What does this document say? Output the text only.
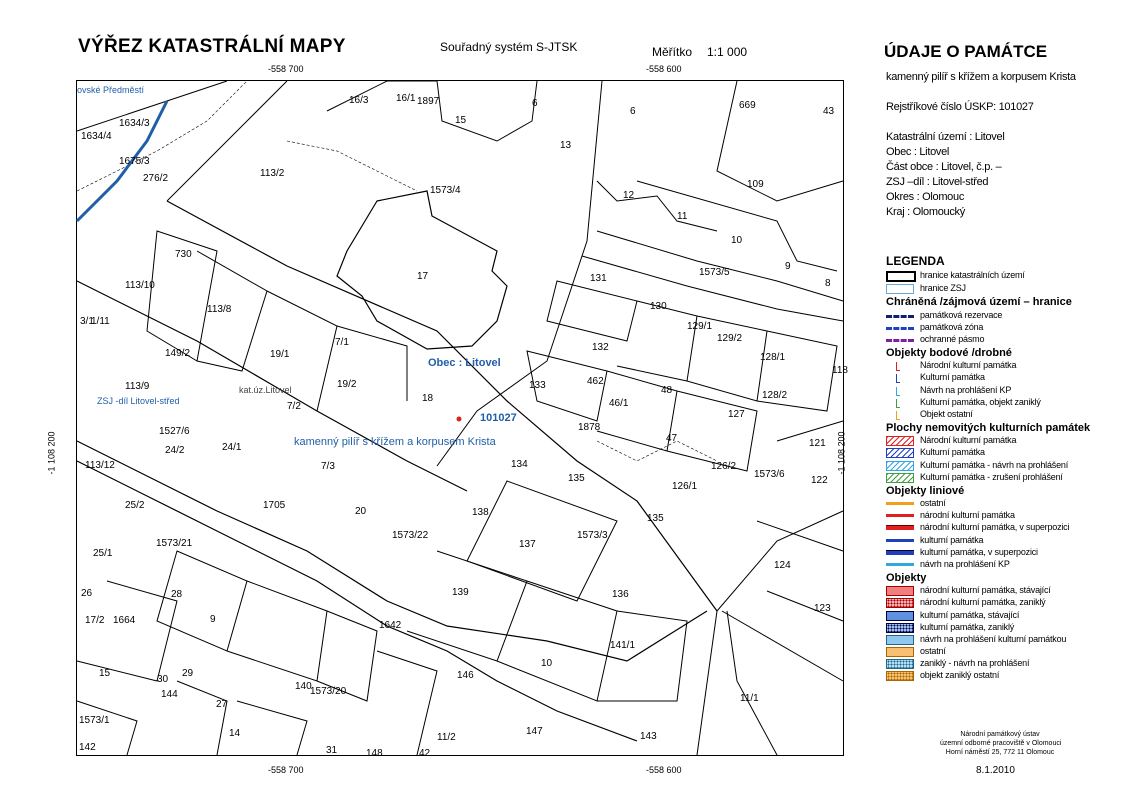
VÝŘEZ KATASTRÁLNÍ MAPY	Souřadný systém S-JTSK	Měřítko 1:1 000
-558 700	-558 600
-558 700	-558 600
-1 108 200	-1 108 200
16/3	16/1 1897	6
15
13
6
669
1634/3
1634/4
1675/3
276/2	113/2
1573/4	12
109
11
10
9
8
730
17	1573/5
131
130
113/10
113/8
129/1
129/2
128/1
19/1
7/1	132
3/1
1/11
149/2
462
48
113/9	19/2	133
46/1
128/2
7/2
18
127
1527/6	1878
47
24/1
24/2
7/3	134	126/2
121
113/12
135
126/1
1573/6
122
25/2	1705
20	138
135
1573/22	1573/3
25/1
1573/21	137
124
26	28	139	136
123
17/2 1664	9
1642
141/1
15	29
140
10
146
1573/20
11/1
30
144
1573/1
27
11/2
147	143
142
14
31	148	42
43
118
Obec : Litovel
101027
kamenný pilíř s křížem a korpusem Krista
ZSJ -díl Litovel-střed
kat.úz.Litovel
ovské Předměstí
ÚDAJE O PAMÁTCE
kamenný pilíř s křížem a korpusem Krista
Rejstříkové číslo ÚSKP: 101027
Katastrální území : Litovel
Obec : Litovel
Část obce : Litovel, č.p. –
ZSJ –díl : Litovel-střed
Okres : Olomouc
Kraj : Olomoucký
LEGENDA
hranice katastrálních území
hranice ZSJ
Chráněná /zájmová území – hranice
památková rezervace
památková zóna
ochranné pásmo
Objekty bodové /drobné
Národní kulturní památka
Kulturní památka
Návrh na prohlášení KP
Kulturní památka, objekt zaniklý
Objekt ostatní
Plochy nemovitých kulturních památek
Národní kulturní památka
Kulturní památka
Kulturní památka - návrh na prohlášení
Kulturní památka - zrušení prohlášení
Objekty liniové
ostatní
národní kulturní památka
národní kulturní památka, v superpozici
kulturní památka
kulturní památka, v superpozici
návrh na prohlášení KP
Objekty
národní kulturní památka, stávající
národní kulturní památka, zaniklý
kulturní památka, stávající
kulturní památka, zaniklý
návrh na prohlášení kulturní památkou
ostatní
zaniklý - návrh na prohlášení
objekt zaniklý ostatní
Národní památkový ústav
územní odborné pracoviště v Olomouci
Horní náměstí 25, 772 11 Olomouc
8.1.2010
